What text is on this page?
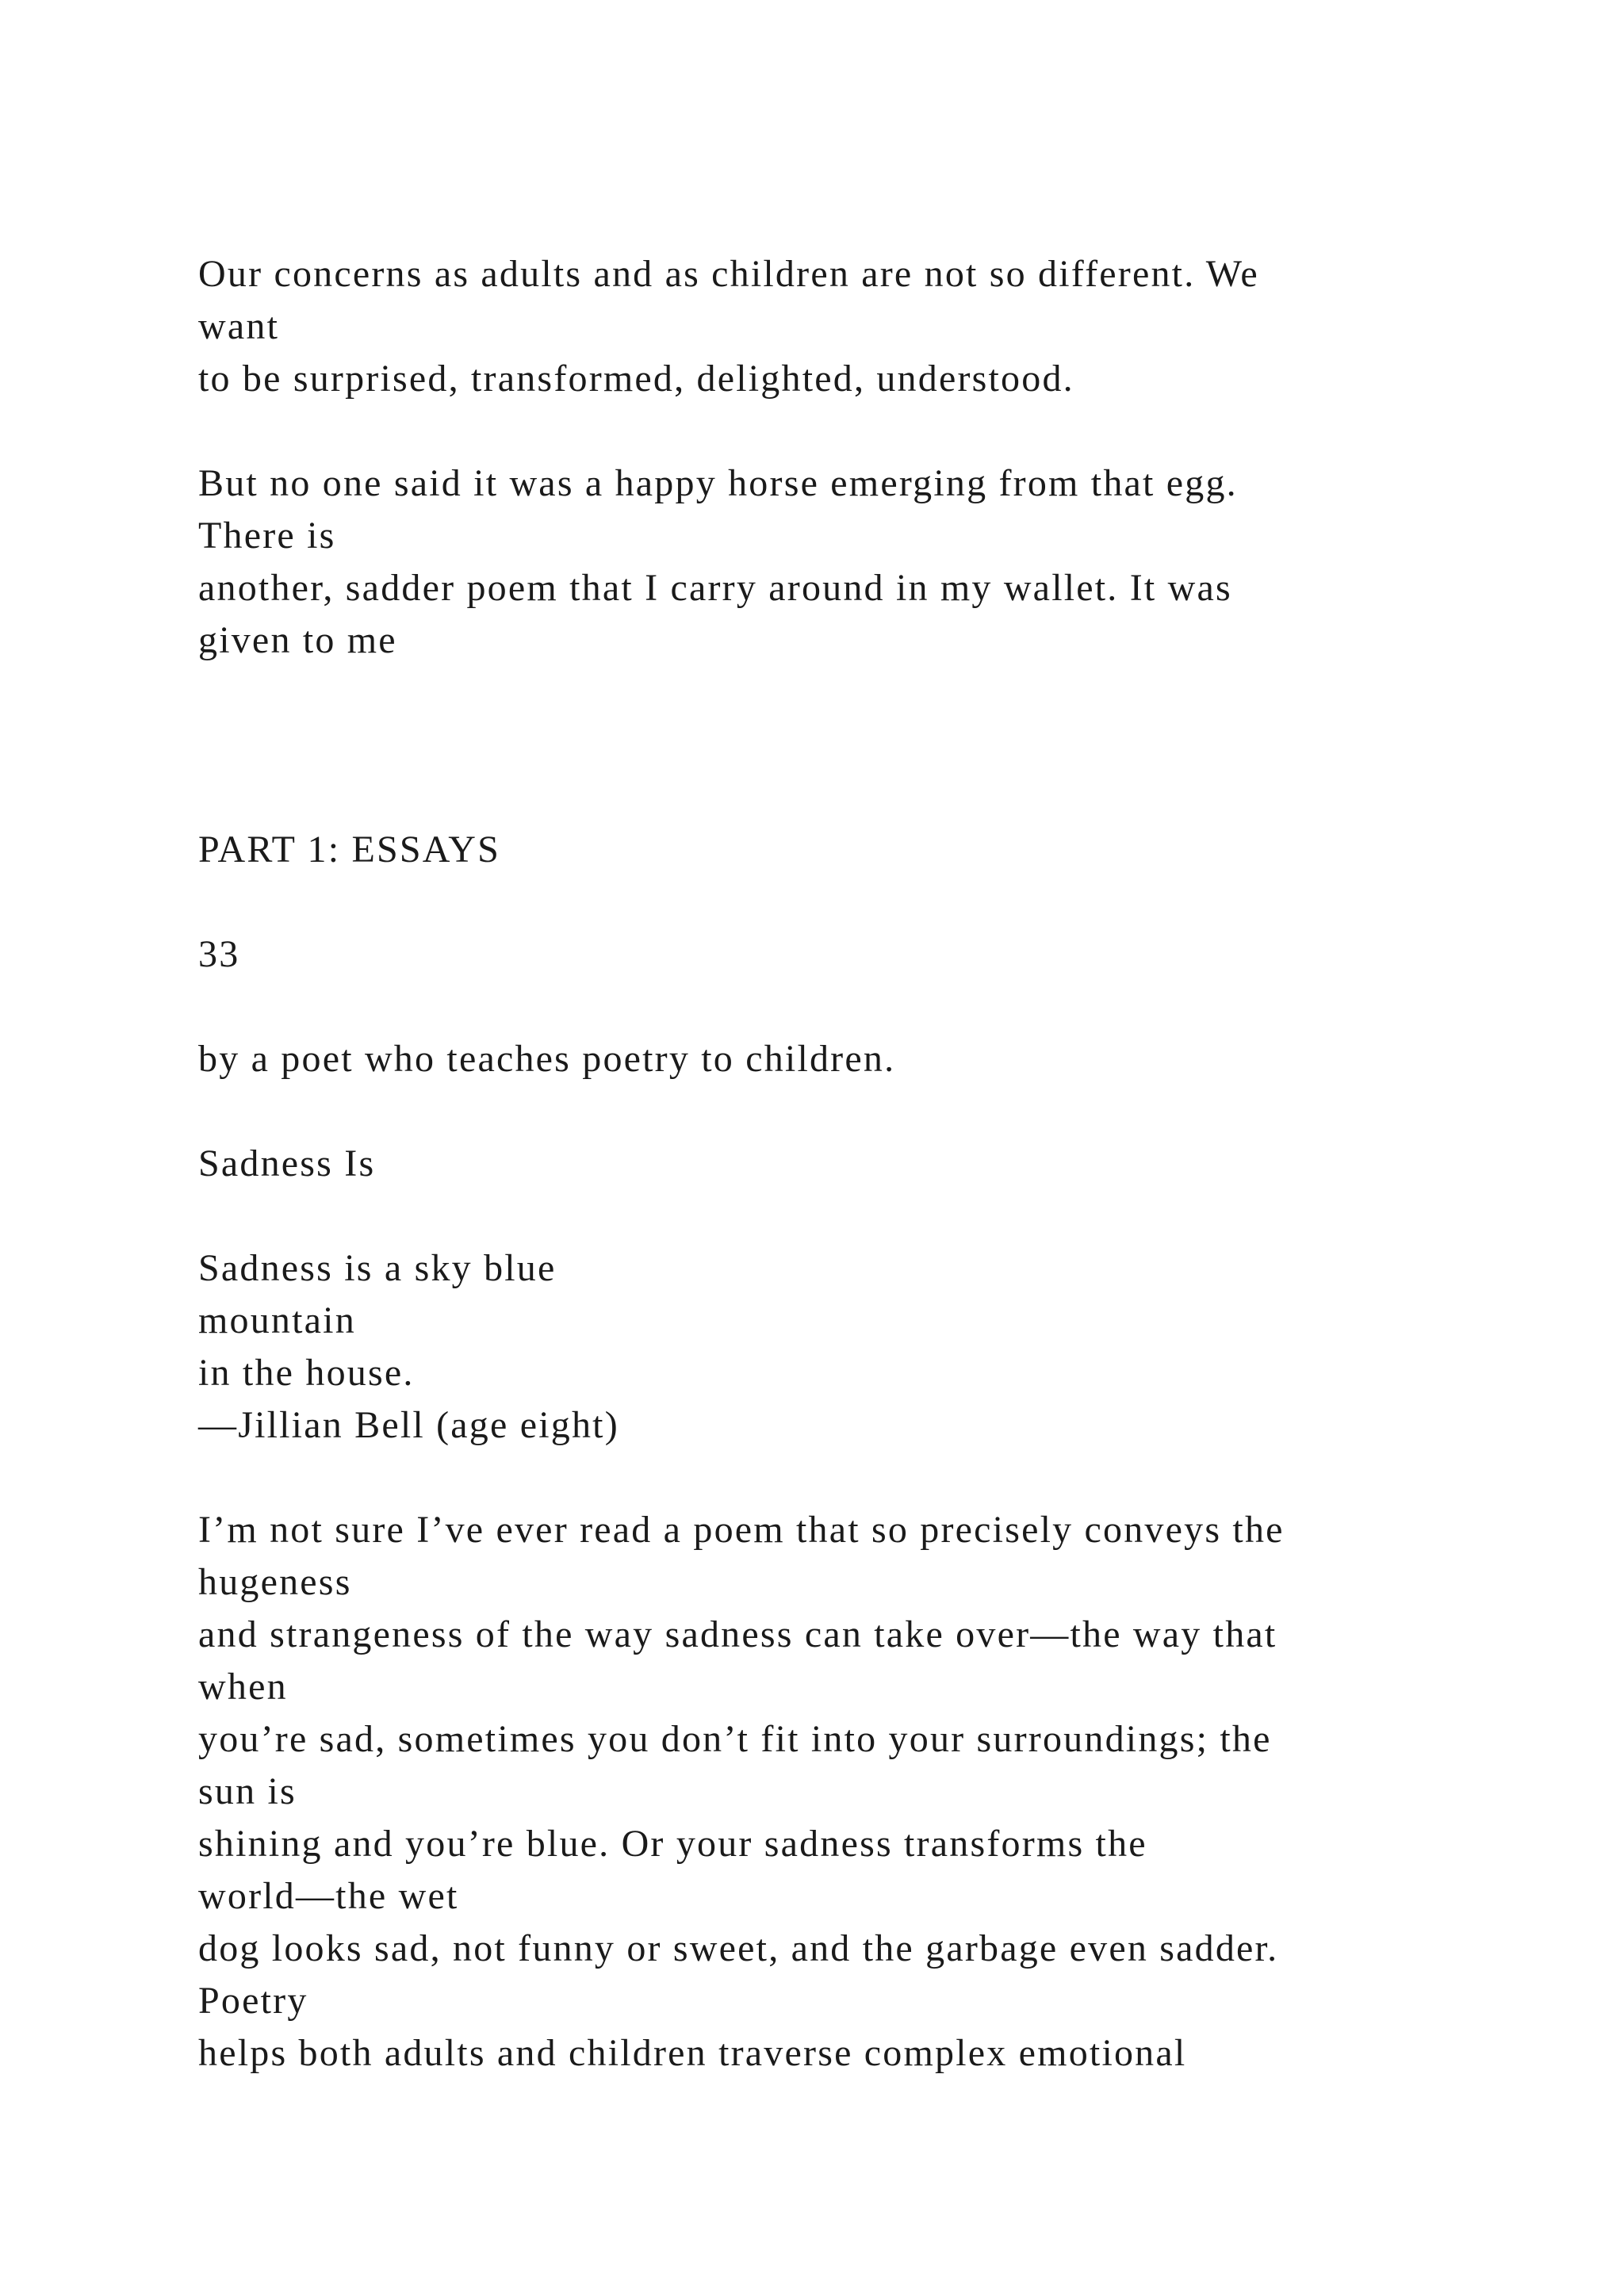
Our concerns as adults and as children are not so different. We

want

to be surprised, transformed, delighted, understood.

But no one said it was a happy horse emerging from that egg.

There is

another, sadder poem that I carry around in my wallet. It was

given to me

PART 1: ESSAYS

33

by a poet who teaches poetry to children.

Sadness Is

Sadness is a sky blue

mountain

in the house.

—Jillian Bell (age eight)

I’m not sure I’ve ever read a poem that so precisely conveys the

hugeness

and strangeness of the way sadness can take over—the way that

when

you’re sad, sometimes you don’t fit into your surroundings; the

sun is

shining and you’re blue. Or your sadness transforms the

world—the wet

dog looks sad, not funny or sweet, and the garbage even sadder.

Poetry

helps both adults and children traverse complex emotional
